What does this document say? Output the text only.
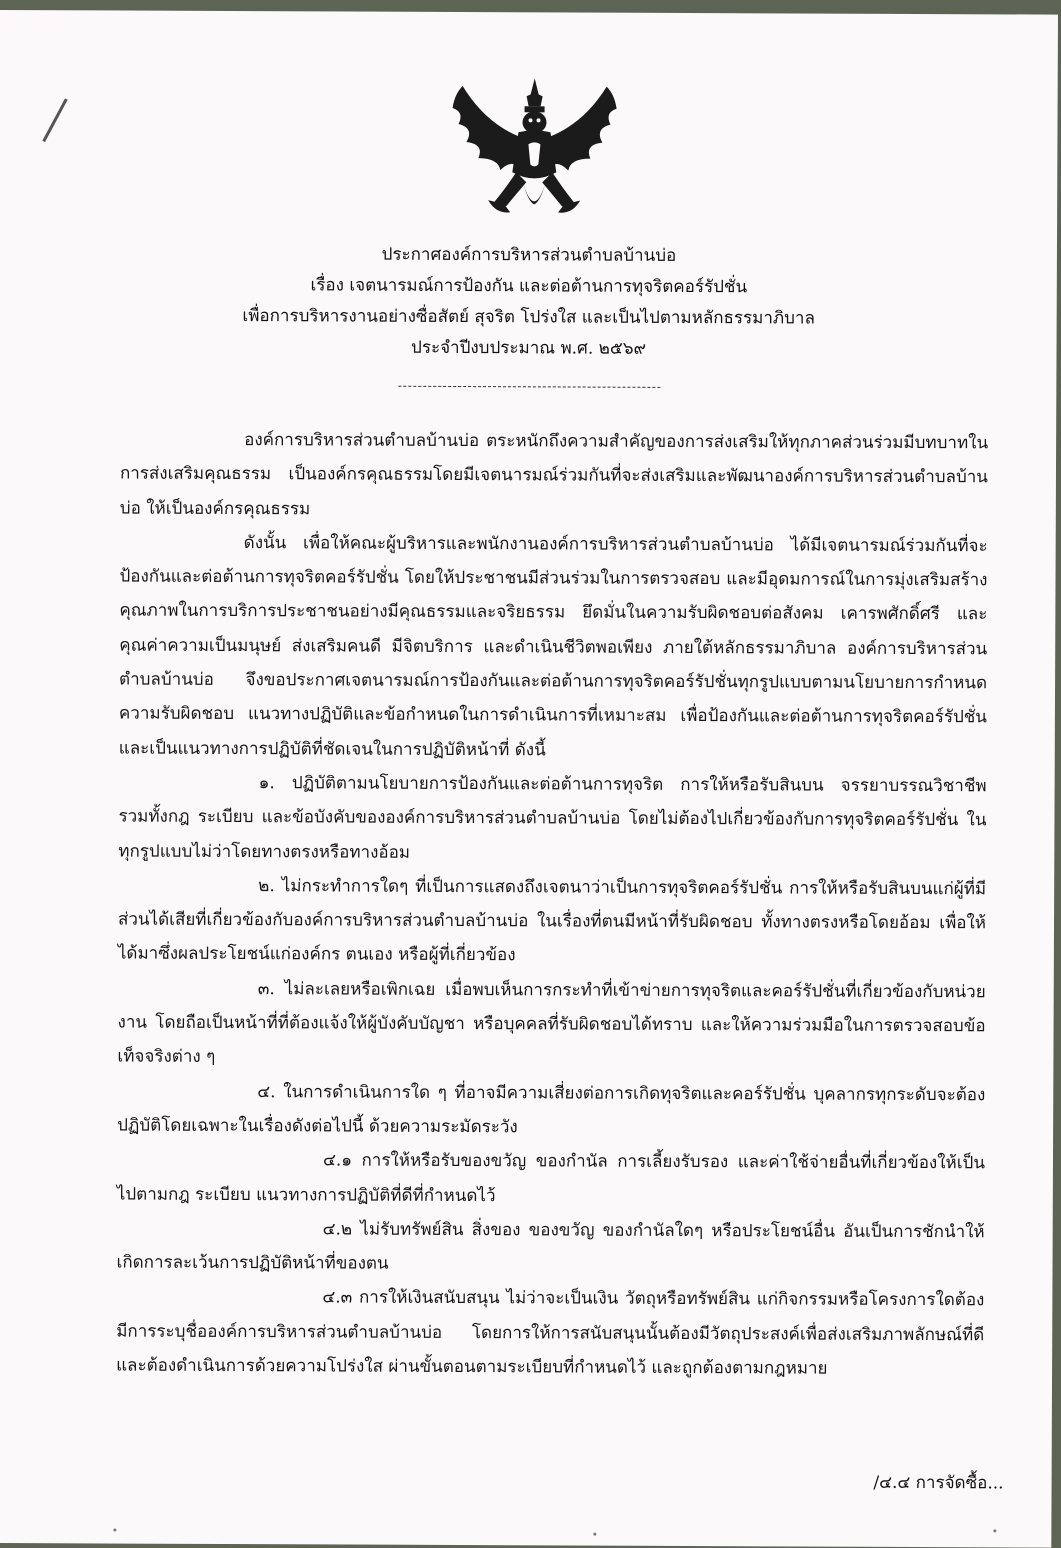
ประกาศองค์การบริหารส่วนตำบลบ้านบ่อ
เรื่อง เจตนารมณ์การป้องกัน และต่อต้านการทุจริตคอร์รัปชั่น
เพื่อการบริหารงานอย่างซื่อสัตย์ สุจริต โปร่งใส และเป็นไปตามหลักธรรมาภิบาล
ประจำปีงบประมาณ พ.ศ. ๒๕๖๙

องค์การบริหารส่วนตำบลบ้านบ่อ ตระหนักถึงความสำคัญของการส่งเสริมให้ทุกภาคส่วนร่วมมีบทบาทในการส่งเสริมคุณธรรม เป็นองค์กรคุณธรรมโดยมีเจตนารมณ์ร่วมกันที่จะส่งเสริมและพัฒนาองค์การบริหารส่วนตำบลบ้านบ่อ ให้เป็นองค์กรคุณธรรม

ดังนั้น เพื่อให้คณะผู้บริหารและพนักงานองค์การบริหารส่วนตำบลบ้านบ่อ ได้มีเจตนารมณ์ร่วมกันที่จะป้องกันและต่อต้านการทุจริตคอร์รัปชั่น โดยให้ประชาชนมีส่วนร่วมในการตรวจสอบ และมีอุดมการณ์ในการมุ่งเสริมสร้างคุณภาพในการบริการประชาชนอย่างมีคุณธรรมและจริยธรรม ยึดมั่นในความรับผิดชอบต่อสังคม เคารพศักดิ์ศรี และคุณค่าความเป็นมนุษย์ ส่งเสริมคนดี มีจิตบริการ และดำเนินชีวิตพอเพียง ภายใต้หลักธรรมาภิบาล องค์การบริหารส่วนตำบลบ้านบ่อ จึงขอประกาศเจตนารมณ์การป้องกันและต่อต้านการทุจริตคอร์รัปชั่นทุกรูปแบบตามนโยบายการกำหนดความรับผิดชอบ แนวทางปฏิบัติและข้อกำหนดในการดำเนินการที่เหมาะสม เพื่อป้องกันและต่อต้านการทุจริตคอร์รัปชั่น และเป็นแนวทางการปฏิบัติที่ชัดเจนในการปฏิบัติหน้าที่ ดังนี้

๑. ปฏิบัติตามนโยบายการป้องกันและต่อต้านการทุจริต การให้หรือรับสินบน จรรยาบรรณวิชาชีพ รวมทั้งกฎ ระเบียบ และข้อบังคับขององค์การบริหารส่วนตำบลบ้านบ่อ โดยไม่ต้องไปเกี่ยวข้องกับการทุจริตคอร์รัปชั่น ในทุกรูปแบบไม่ว่าโดยทางตรงหรือทางอ้อม

๒. ไม่กระทำการใดๆ ที่เป็นการแสดงถึงเจตนาว่าเป็นการทุจริตคอร์รัปชั่น การให้หรือรับสินบนแก่ผู้ที่มีส่วนได้เสียที่เกี่ยวข้องกับองค์การบริหารส่วนตำบลบ้านบ่อ ในเรื่องที่ตนมีหน้าที่รับผิดชอบ ทั้งทางตรงหรือโดยอ้อม เพื่อให้ได้มาซึ่งผลประโยชน์แก่องค์กร ตนเอง หรือผู้ที่เกี่ยวข้อง

๓. ไม่ละเลยหรือเพิกเฉย เมื่อพบเห็นการกระทำที่เข้าข่ายการทุจริตและคอร์รัปชั่นที่เกี่ยวข้องกับหน่วยงาน โดยถือเป็นหน้าที่ที่ต้องแจ้งให้ผู้บังคับบัญชา หรือบุคคลที่รับผิดชอบได้ทราบ และให้ความร่วมมือในการตรวจสอบข้อเท็จจริงต่าง ๆ

๔. ในการดำเนินการใด ๆ ที่อาจมีความเสี่ยงต่อการเกิดทุจริตและคอร์รัปชั่น บุคลากรทุกระดับจะต้องปฏิบัติโดยเฉพาะในเรื่องดังต่อไปนี้ ด้วยความระมัดระวัง

๔.๑ การให้หรือรับของขวัญ ของกำนัล การเลี้ยงรับรอง และค่าใช้จ่ายอื่นที่เกี่ยวข้องให้เป็นไปตามกฎ ระเบียบ แนวทางการปฏิบัติที่ดีที่กำหนดไว้

๔.๒ ไม่รับทรัพย์สิน สิ่งของ ของขวัญ ของกำนัลใดๆ หรือประโยชน์อื่น อันเป็นการชักนำให้เกิดการละเว้นการปฏิบัติหน้าที่ของตน

๔.๓ การให้เงินสนับสนุน ไม่ว่าจะเป็นเงิน วัตถุหรือทรัพย์สิน แก่กิจกรรมหรือโครงการใดต้องมีการระบุชื่อองค์การบริหารส่วนตำบลบ้านบ่อ โดยการให้การสนับสนุนนั้นต้องมีวัตถุประสงค์เพื่อส่งเสริมภาพลักษณ์ที่ดี และต้องดำเนินการด้วยความโปร่งใส ผ่านขั้นตอนตามระเบียบที่กำหนดไว้ และถูกต้องตามกฎหมาย

/๔.๔ การจัดซื้อ...
